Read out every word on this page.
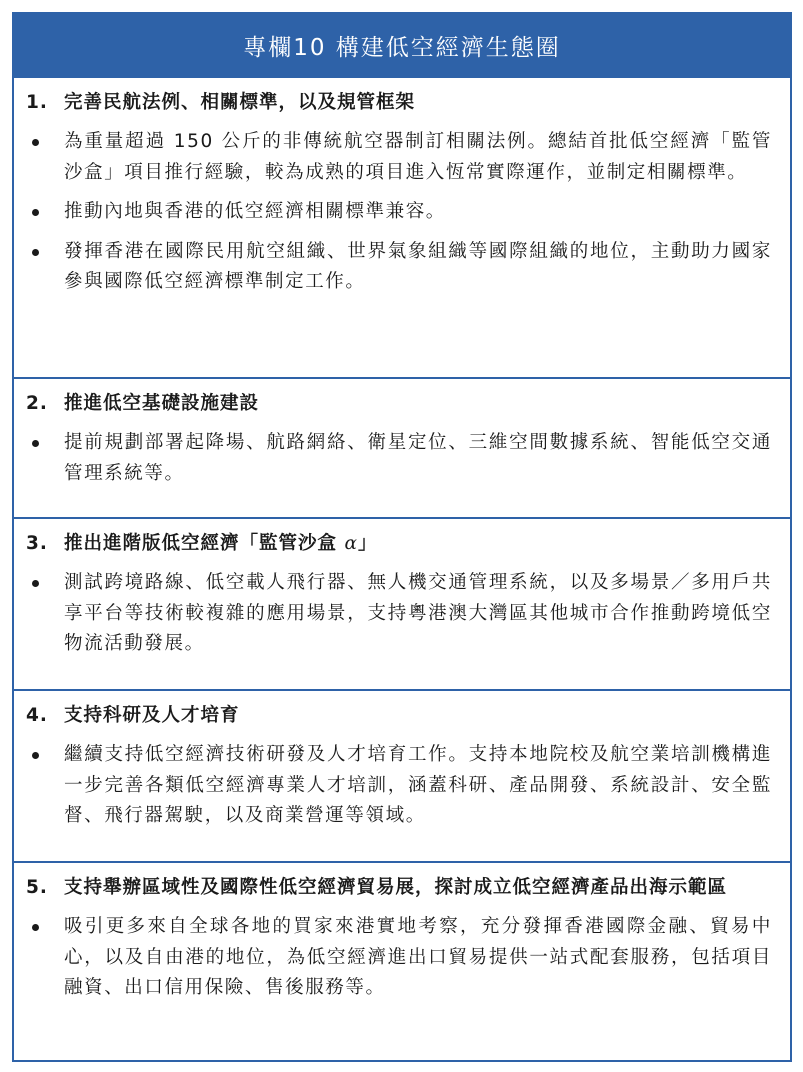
專欄10 構建低空經濟生態圈
1. 完善民航法例、相關標準，以及規管框架
為重量超過 150 公斤的非傳統航空器制訂相關法例。總結首批低空經濟「監管沙盒」項目推行經驗，較為成熟的項目進入恆常實際運作，並制定相關標準。
推動內地與香港的低空經濟相關標準兼容。
發揮香港在國際民用航空組織、世界氣象組織等國際組織的地位，主動助力國家參與國際低空經濟標準制定工作。
2. 推進低空基礎設施建設
提前規劃部署起降場、航路網絡、衛星定位、三維空間數據系統、智能低空交通管理系統等。
3. 推出進階版低空經濟「監管沙盒 α」
測試跨境路線、低空載人飛行器、無人機交通管理系統，以及多場景／多用戶共享平台等技術較複雜的應用場景，支持粵港澳大灣區其他城市合作推動跨境低空物流活動發展。
4. 支持科研及人才培育
繼續支持低空經濟技術研發及人才培育工作。支持本地院校及航空業培訓機構進一步完善各類低空經濟專業人才培訓，涵蓋科研、產品開發、系統設計、安全監督、飛行器駕駛，以及商業營運等領域。
5. 支持舉辦區域性及國際性低空經濟貿易展，探討成立低空經濟產品出海示範區
吸引更多來自全球各地的買家來港實地考察，充分發揮香港國際金融、貿易中心，以及自由港的地位，為低空經濟進出口貿易提供一站式配套服務，包括項目融資、出口信用保險、售後服務等。
